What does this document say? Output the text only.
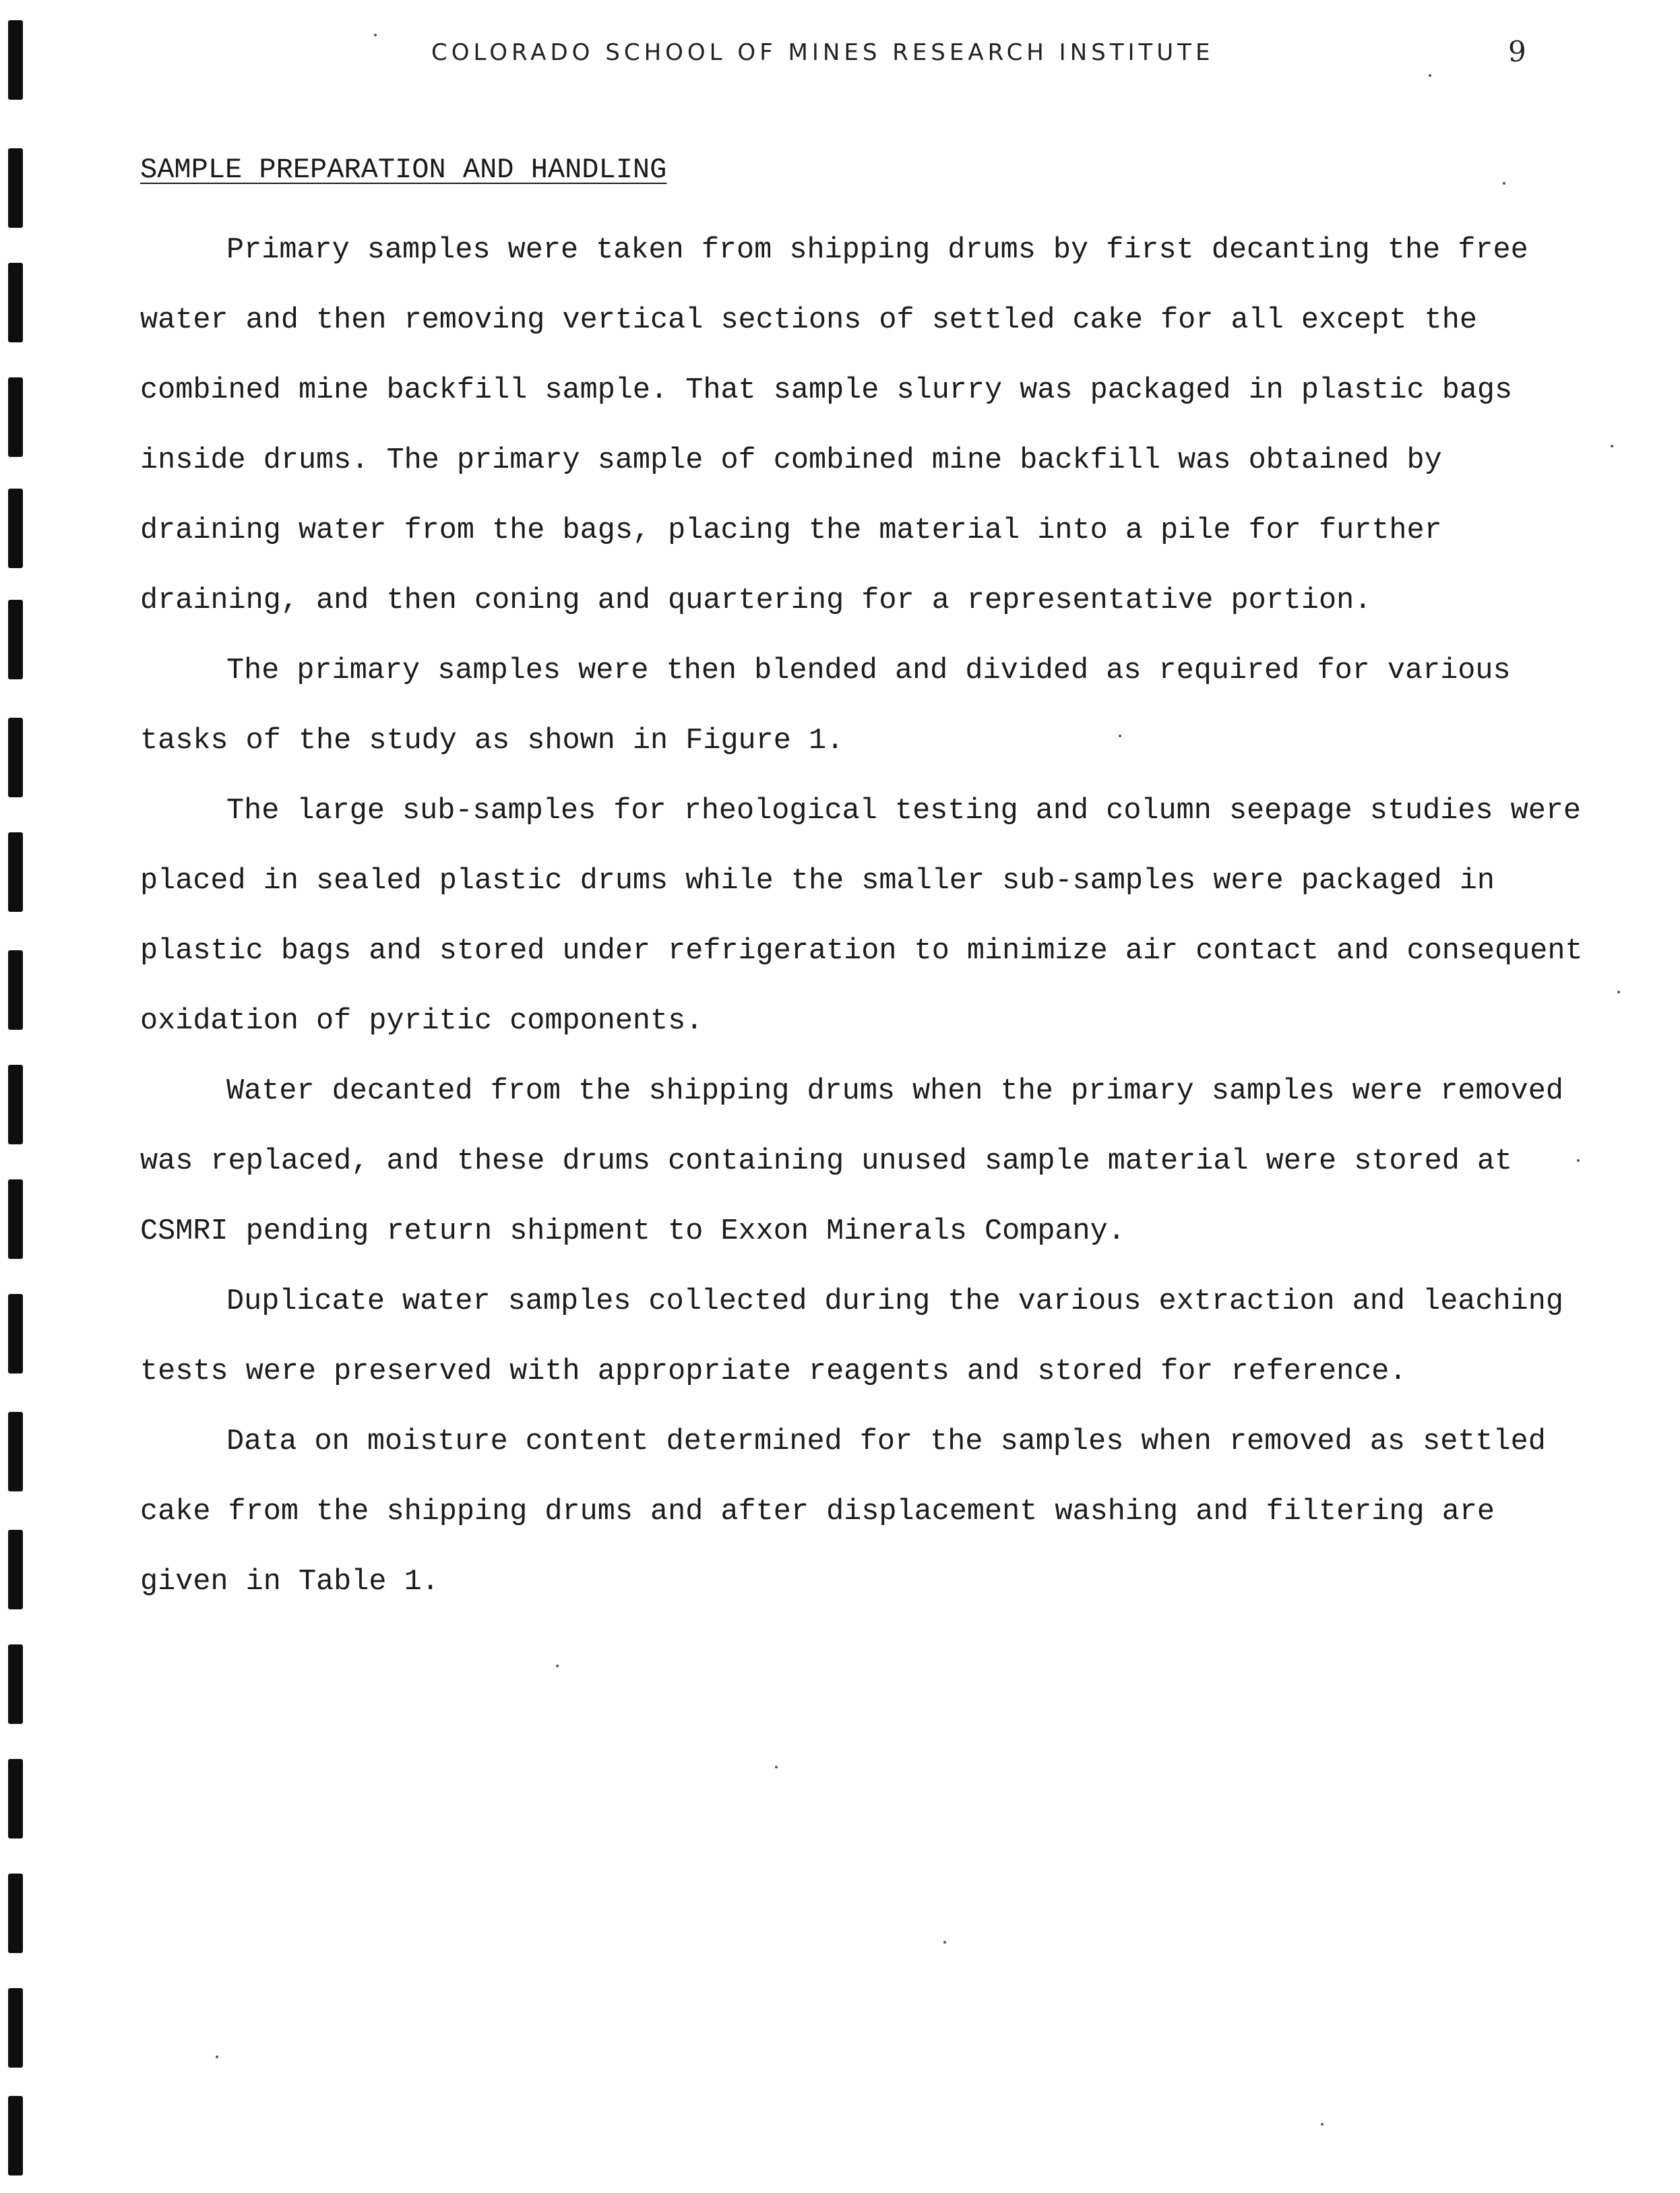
COLORADO SCHOOL OF MINES RESEARCH INSTITUTE	9
SAMPLE PREPARATION AND HANDLING

Primary samples were taken from shipping drums by first decanting the free water and then removing vertical sections of settled cake for all except the combined mine backfill sample. That sample slurry was packaged in plastic bags inside drums. The primary sample of combined mine backfill was obtained by draining water from the bags, placing the material into a pile for further draining, and then coning and quartering for a representative portion.

The primary samples were then blended and divided as required for various tasks of the study as shown in Figure 1.

The large sub-samples for rheological testing and column seepage studies were placed in sealed plastic drums while the smaller sub-samples were packaged in plastic bags and stored under refrigeration to minimize air contact and consequent oxidation of pyritic components.

Water decanted from the shipping drums when the primary samples were removed was replaced, and these drums containing unused sample material were stored at CSMRI pending return shipment to Exxon Minerals Company.

Duplicate water samples collected during the various extraction and leaching tests were preserved with appropriate reagents and stored for reference.

Data on moisture content determined for the samples when removed as settled cake from the shipping drums and after displacement washing and filtering are given in Table 1.
